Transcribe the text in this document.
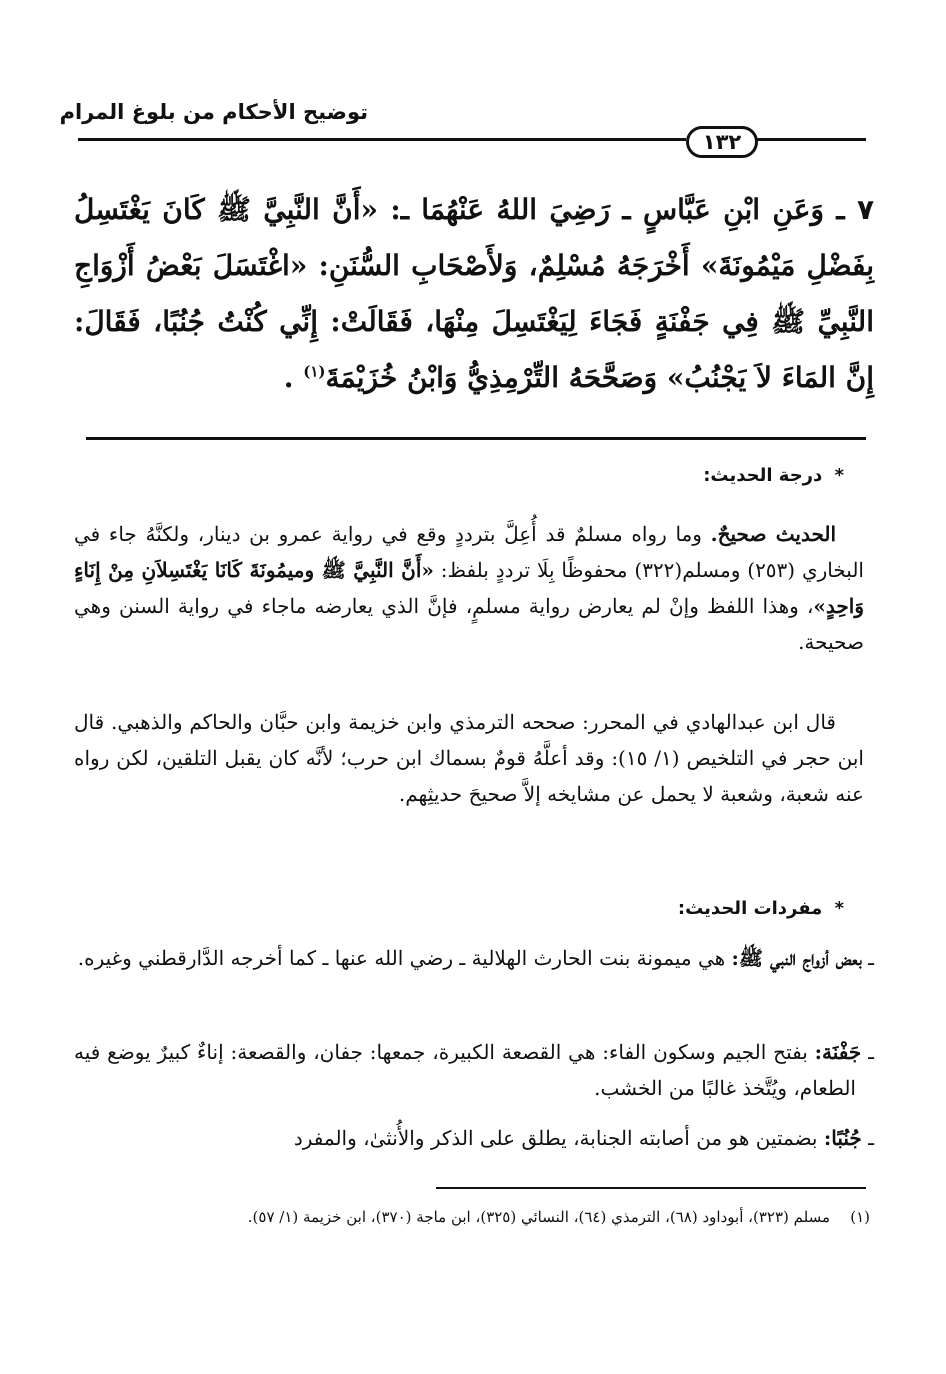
توضيح الأحكام من بلوغ المرام
١٣٢
٧ ـ وَعَنِ ابْنِ عَبَّاسٍ ـ رَضِيَ اللهُ عَنْهُمَا ـ: «أَنَّ النَّبِيَّ ﷺ كَانَ يَغْتَسِلُ بِفَضْلِ مَيْمُونَةَ» أَخْرَجَهُ مُسْلِمٌ، وَلأَصْحَابِ السُّنَنِ: «اغْتَسَلَ بَعْضُ أَزْوَاجِ النَّبِيِّ ﷺ فِي جَفْنَةٍ فَجَاءَ لِيَغْتَسِلَ مِنْهَا، فَقَالَتْ: إِنِّي كُنْتُ جُنُبًا، فَقَالَ: إِنَّ المَاءَ لاَ يَجْنُبُ» وَصَحَّحَهُ التِّرْمِذِيُّ وَابْنُ خُزَيْمَةَ$^{(١)}$ .
* درجة الحديث:
الحديث صحيحٌ. وما رواه مسلمٌ قد أُعِلَّ بترددٍ وقع في رواية عمرو بن دينار، ولكنَّهُ جاء في البخاري (٢٥٣) ومسلم(٣٢٢) محفوظًا بِلَا ترددٍ بلفظ: «أَنَّ النَّبِيَّ ﷺ وميمُونَةَ كَانَا يَغْتَسِلاَنِ مِنْ إِنَاءٍ وَاحِدٍ»، وهذا اللفظ وإنْ لم يعارض رواية مسلمٍ، فإنَّ الذي يعارضه ماجاء في رواية السنن وهي صحيحة.
قال ابن عبدالهادي في المحرر: صححه الترمذي وابن خزيمة وابن حبَّان والحاكم والذهبي. قال ابن حجر في التلخيص (١/ ١٥): وقد أعلَّهُ قومٌ بسماك ابن حرب؛ لأنَّه كان يقبل التلقين، لكن رواه عنه شعبة، وشعبة لا يحمل عن مشايخه إلاَّ صحيحَ حديثِهم.
* مفردات الحديث:
ـ بعض أزواج النبي ﷺ: هي ميمونة بنت الحارث الهلالية ـ رضي الله عنها ـ كما أخرجه الدَّارقطني وغيره.
ـ جَفْنَة: بفتح الجيم وسكون الفاء: هي القصعة الكبيرة، جمعها: جفان، والقصعة: إناءٌ كبيرٌ يوضع فيه الطعام، ويُتَّخذ غالبًا من الخشب.
ـ جُنُبًا: بضمتين هو من أصابته الجنابة، يطلق على الذكر والأُنثىٰ، والمفرد
(١)مسلم (٣٢٣)، أبوداود (٦٨)، الترمذي (٦٤)، النسائي (٣٢٥)، ابن ماجة (٣٧٠)، ابن خزيمة (١/ ٥٧).
